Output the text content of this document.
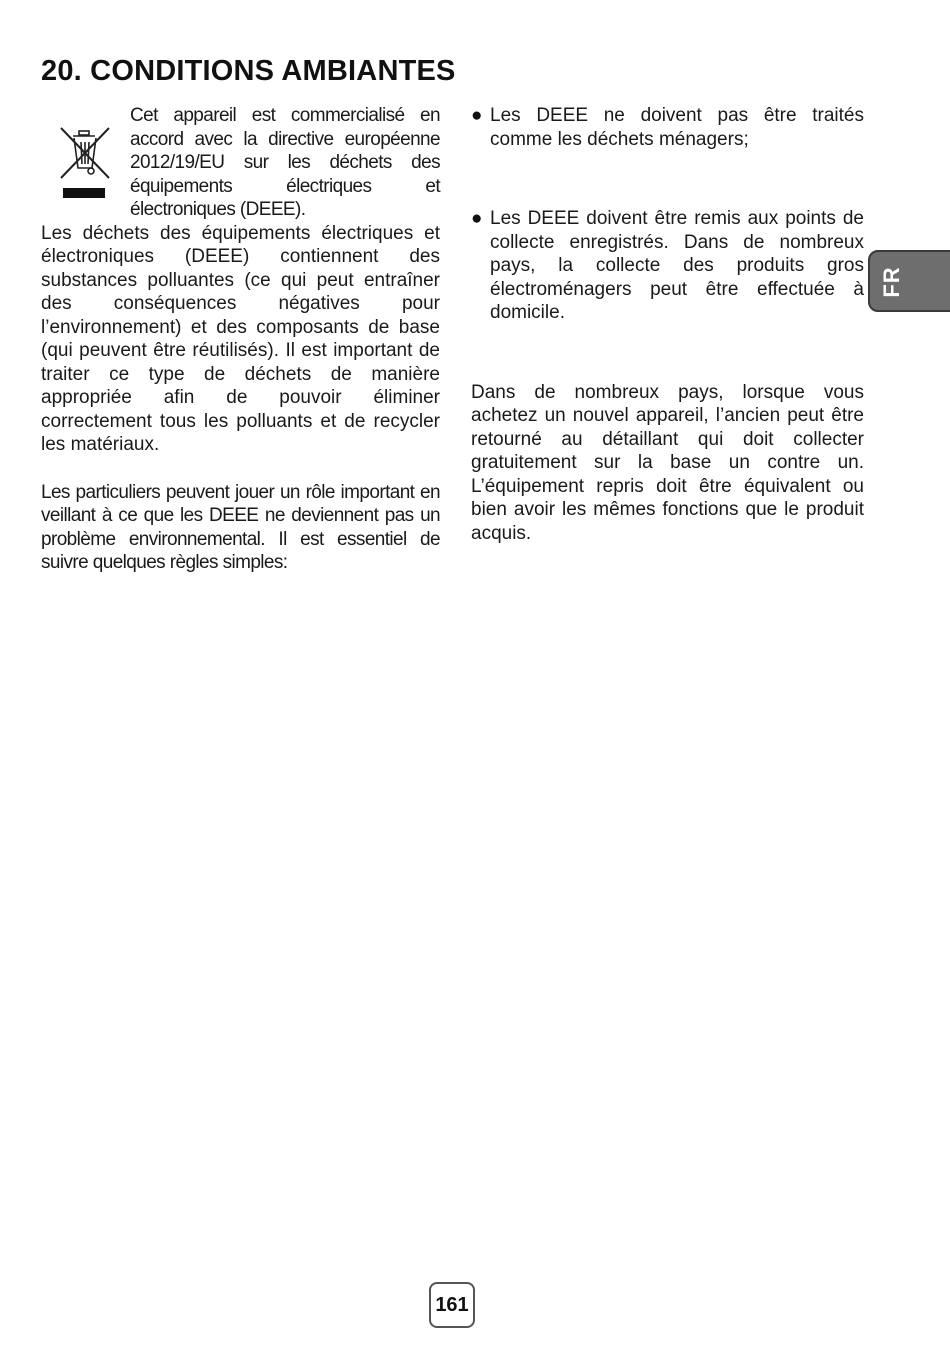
20. CONDITIONS AMBIANTES

Cet appareil est commercialisé en accord avec la directive européenne 2012/19/EU sur les déchets des équipements électriques et électroniques (DEEE).

Les déchets des équipements électriques et électroniques (DEEE) contiennent des substances polluantes (ce qui peut entraîner des conséquences négatives pour l’environnement) et des composants de base (qui peuvent être réutilisés). Il est important de traiter ce type de déchets de manière appropriée afin de pouvoir éliminer correctement tous les polluants et de recycler les matériaux.

Les particuliers peuvent jouer un rôle important en veillant à ce que les DEEE ne deviennent pas un problème environnemental. Il est essentiel de suivre quelques règles simples:

● Les DEEE ne doivent pas être traités comme les déchets ménagers;

● Les DEEE doivent être remis aux points de collecte enregistrés. Dans de nombreux pays, la collecte des produits gros électroménagers peut être effectuée à domicile.

Dans de nombreux pays, lorsque vous achetez un nouvel appareil, l’ancien peut être retourné au détaillant qui doit collecter gratuitement sur la base un contre un. L’équipement repris doit être équivalent ou bien avoir les mêmes fonctions que le produit acquis.

FR
161
